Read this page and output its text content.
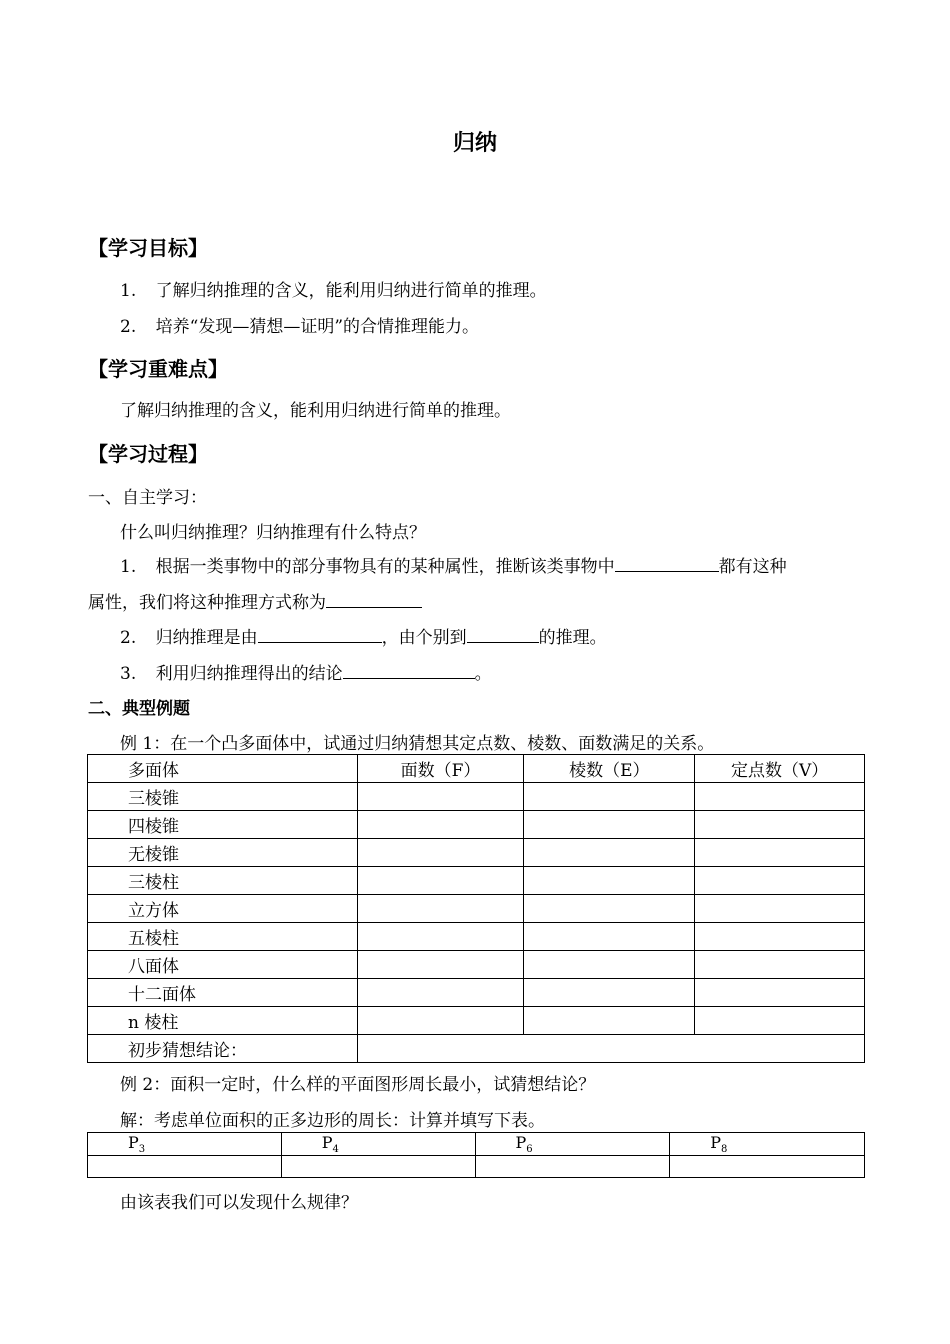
归纳
【学习目标】
1. 了解归纳推理的含义，能利用归纳进行简单的推理。
2. 培养“发现—猜想—证明”的合情推理能力。
【学习重难点】
了解归纳推理的含义，能利用归纳进行简单的推理。
【学习过程】
一、自主学习：
什么叫归纳推理？归纳推理有什么特点？
1. 根据一类事物中的部分事物具有的某种属性，推断该类事物中	都有这种
属性，我们将这种推理方式称为
2. 归纳推理是由	，由个别到	的推理。
3. 利用归纳推理得出的结论	。
二、典型例题
例 1：在一个凸多面体中，试通过归纳猜想其定点数、棱数、面数满足的关系。
多面体	面数（F）	棱数（E）	定点数（V）
三棱锥			
四棱锥			
无棱锥			
三棱柱			
立方体			
五棱柱			
八面体			
十二面体			
n 棱柱			
初步猜想结论：			
例 2：面积一定时，什么样的平面图形周长最小，试猜想结论？
解：考虑单位面积的正多边形的周长：计算并填写下表。
$P_3$	$P_4$	$P_6$	$P_8$

由该表我们可以发现什么规律？
